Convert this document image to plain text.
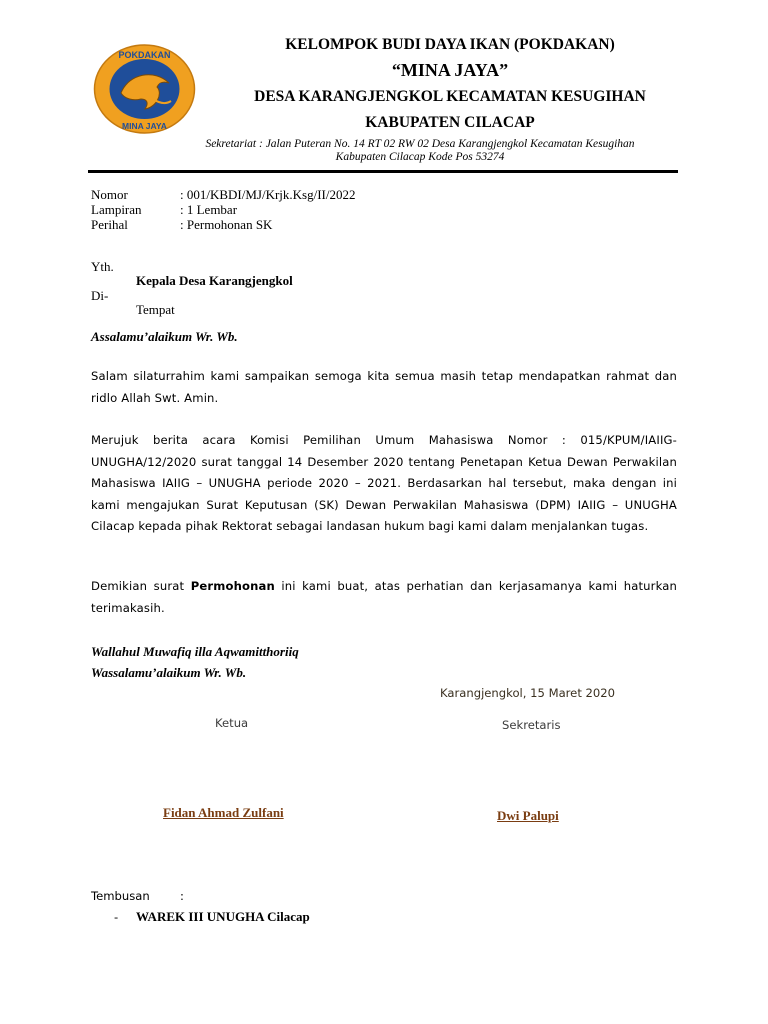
POKDAKAN
MINA JAYA
KELOMPOK BUDI DAYA IKAN (POKDAKAN)
“MINA JAYA”
DESA KARANGJENGKOL KECAMATAN KESUGIHAN
KABUPATEN CILACAP
Sekretariat : Jalan Puteran No. 14 RT 02 RW 02 Desa Karangjengkol Kecamatan Kesugihan
Kabupaten Cilacap Kode Pos 53274
Nomor	: 001/KBDI/MJ/Krjk.Ksg/II/2022
Lampiran	: 1 Lembar
Perihal	: Permohonan SK
Yth.
Kepala Desa Karangjengkol
Di-
Tempat
Assalamu’alaikum Wr. Wb.
Salam silaturrahim kami sampaikan semoga kita semua masih tetap mendapatkan rahmat dan ridlo Allah Swt. Amin.
Merujuk berita acara Komisi Pemilihan Umum Mahasiswa Nomor : 015/KPUM/IAIIG-UNUGHA/12/2020 surat tanggal 14 Desember 2020 tentang Penetapan Ketua Dewan Perwakilan Mahasiswa IAIIG – UNUGHA periode 2020 – 2021. Berdasarkan hal tersebut, maka dengan ini kami mengajukan Surat Keputusan (SK) Dewan Perwakilan Mahasiswa (DPM) IAIIG – UNUGHA Cilacap kepada pihak Rektorat sebagai landasan hukum bagi kami dalam menjalankan tugas.
Demikian surat Permohonan ini kami buat, atas perhatian dan kerjasamanya kami haturkan terimakasih.
Wallahul Muwafiq illa Aqwamitthoriiq
Wassalamu’alaikum Wr. Wb.
Karangjengkol, 15 Maret 2020
Ketua	Sekretaris
Fidan Ahmad Zulfani	Dwi Palupi
Tembusan	:
- WAREK III UNUGHA Cilacap
